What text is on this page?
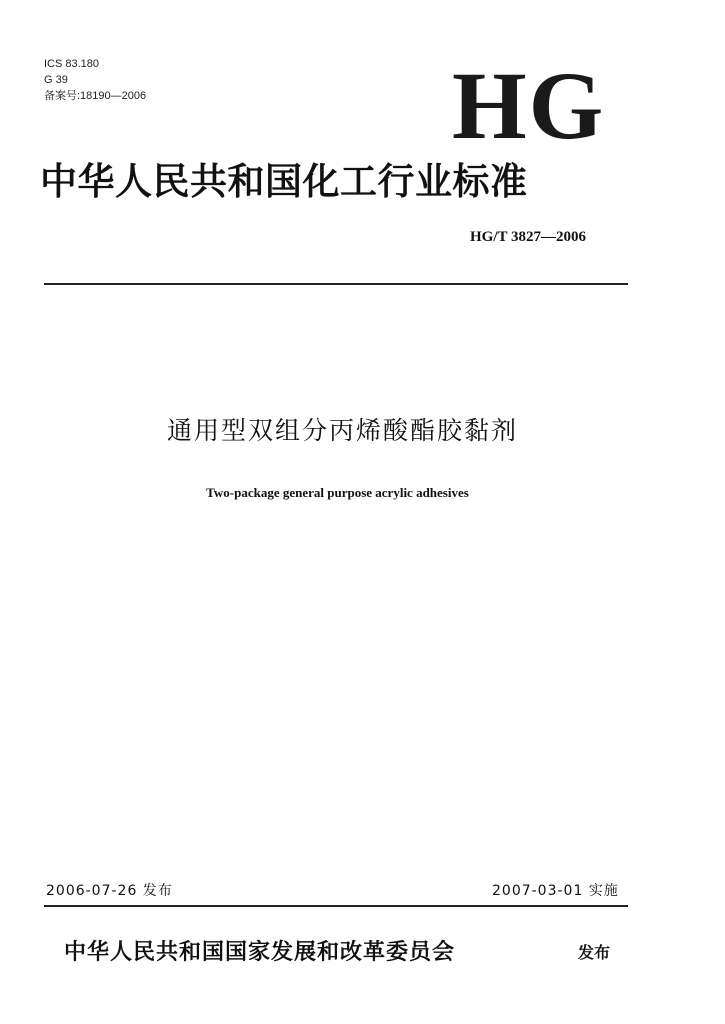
ICS 83.180
G 39
备案号:18190—2006	HG
中华人民共和国化工行业标准
HG/T 3827—2006
通用型双组分丙烯酸酯胶黏剂
Two-package general purpose acrylic adhesives
2006-07-26 发布	2007-03-01 实施
中华人民共和国国家发展和改革委员会	发布
